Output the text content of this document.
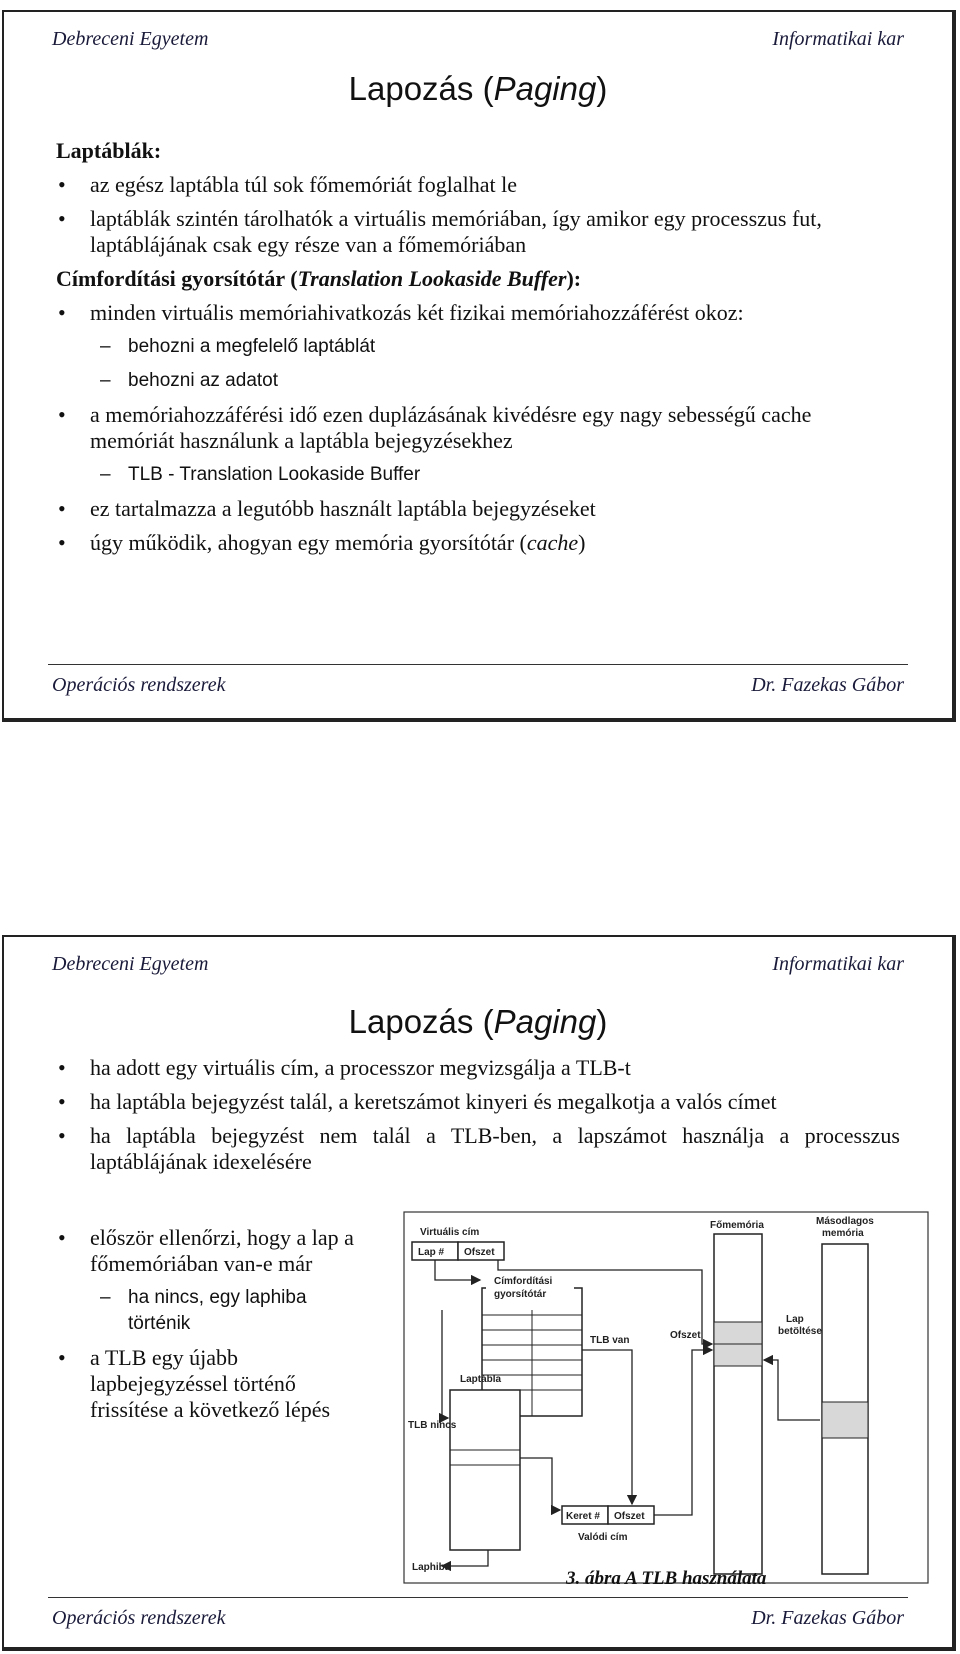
Debreceni Egyetem	Informatikai kar
Lapozás (Paging)
Laptáblák:
• az egész laptábla túl sok főmemóriát foglalhat le
• laptáblák szintén tárolhatók a virtuális memóriában, így amikor egy processzus fut, laptáblájának csak egy része van a főmemóriában
Címfordítási gyorsítótár (Translation Lookaside Buffer):
• minden virtuális memóriahivatkozás két fizikai memóriahozzáférést okoz:
– behozni a megfelelő laptáblát
– behozni az adatot
• a memóriahozzáférési idő ezen duplázásának kivédésre egy nagy sebességű cache memóriát használunk a laptábla bejegyzésekhez
– TLB - Translation Lookaside Buffer
• ez tartalmazza a legutóbb használt laptábla bejegyzéseket
• úgy működik, ahogyan egy memória gyorsítótár (cache)
Operációs rendszerek	Dr. Fazekas Gábor
Debreceni Egyetem	Informatikai kar
Lapozás (Paging)
• ha adott egy virtuális cím, a processzor megvizsgálja a TLB-t
• ha laptábla bejegyzést talál, a keretszámot kinyeri és megalkotja a valós címet
• ha laptábla bejegyzést nem talál a TLB-ben, a lapszámot használja a processzus laptáblájának idexelésére
• először ellenőrzi, hogy a lap a főmemóriában van-e már
– ha nincs, egy laphiba történik
• a TLB egy újabb lapbejegyzéssel történő frissítése a következő lépés
Operációs rendszerek	Dr. Fazekas Gábor
Virtuális cím
Lap # Ofszet
Címfordítási
gyorsítótár
TLB van
Laptábla
TLB nincs
Keret # Ofszet
Valódi cím
Laphiba
Főmemória
Ofszet
Másodlagos
memória
Lap
betöltése
3. ábra A TLB használata
